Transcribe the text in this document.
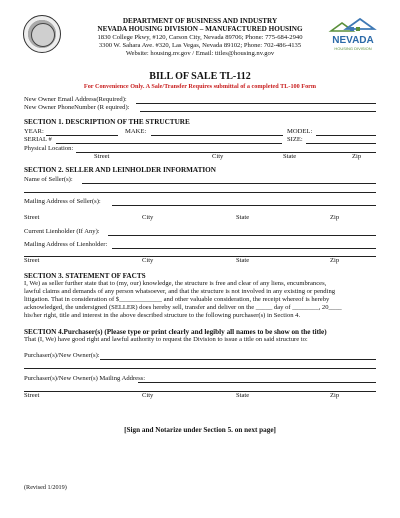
NEVADA
HOUSING DIVISION
DEPARTMENT OF BUSINESS AND INDUSTRY
NEVADA HOUSING DIVISION – MANUFACTURED HOUSING
1830 College Pkwy, #120, Carson City, Nevada 89706; Phone: 775-684-2940
3300 W. Sahara Ave. #320, Las Vegas, Nevada 89102; Phone: 702-486-4135
Website: housing.nv.gov / Email: titles@housing.nv.gov
BILL OF SALE TL-112
For Convenience Only. A Sale/Transfer Requires submittal of a completed TL-100 Form
New Owner Email Address(Required):
New Owner PhoneNumber (R equired):
SECTION 1. DESCRIPTION OF THE STRUCTURE
YEAR:	MAKE:	MODEL:
SERIAL #	SIZE:
Physical Location:
Street	City	State	Zip
SECTION 2. SELLER AND LEINHOLDER INFORMATION
Name of Seller(s):
Mailing Address of Seller(s):
Street	City	State	Zip
Current Lienholder (If Any):
Mailing Address of Lienholder:
Street	City	State	Zip
SECTION 3. STATEMENT OF FACTS
I, We) as seller further state that to (my, our) knowledge, the structure is free and clear of any liens, encumbrances,
lawful claims and demands of any person whatsoever, and that the structure is not involved in any existing or pending
litigation. That in consideration of $_____________ and other valuable consideration, the receipt whereof is hereby
acknowledged, the undersigned (SELLER) does hereby sell, transfer and deliver on the _____ day of ________, 20____
his/her right, title and interest in the above described structure to the following purchaser(s) in Section 4.
SECTION 4.Purchaser(s) (Please type or print clearly and legibly all names to be show on the title)
That (I, We) have good right and lawful authority to request the Division to issue a title on said structure to:
Purchaser(s)/New Owner(s):
Purchaser(s)/New Owner(s) Mailing Address:
Street	City	State	Zip
[Sign and Notarize under Section 5. on next page]
(Revised 1/2019)
